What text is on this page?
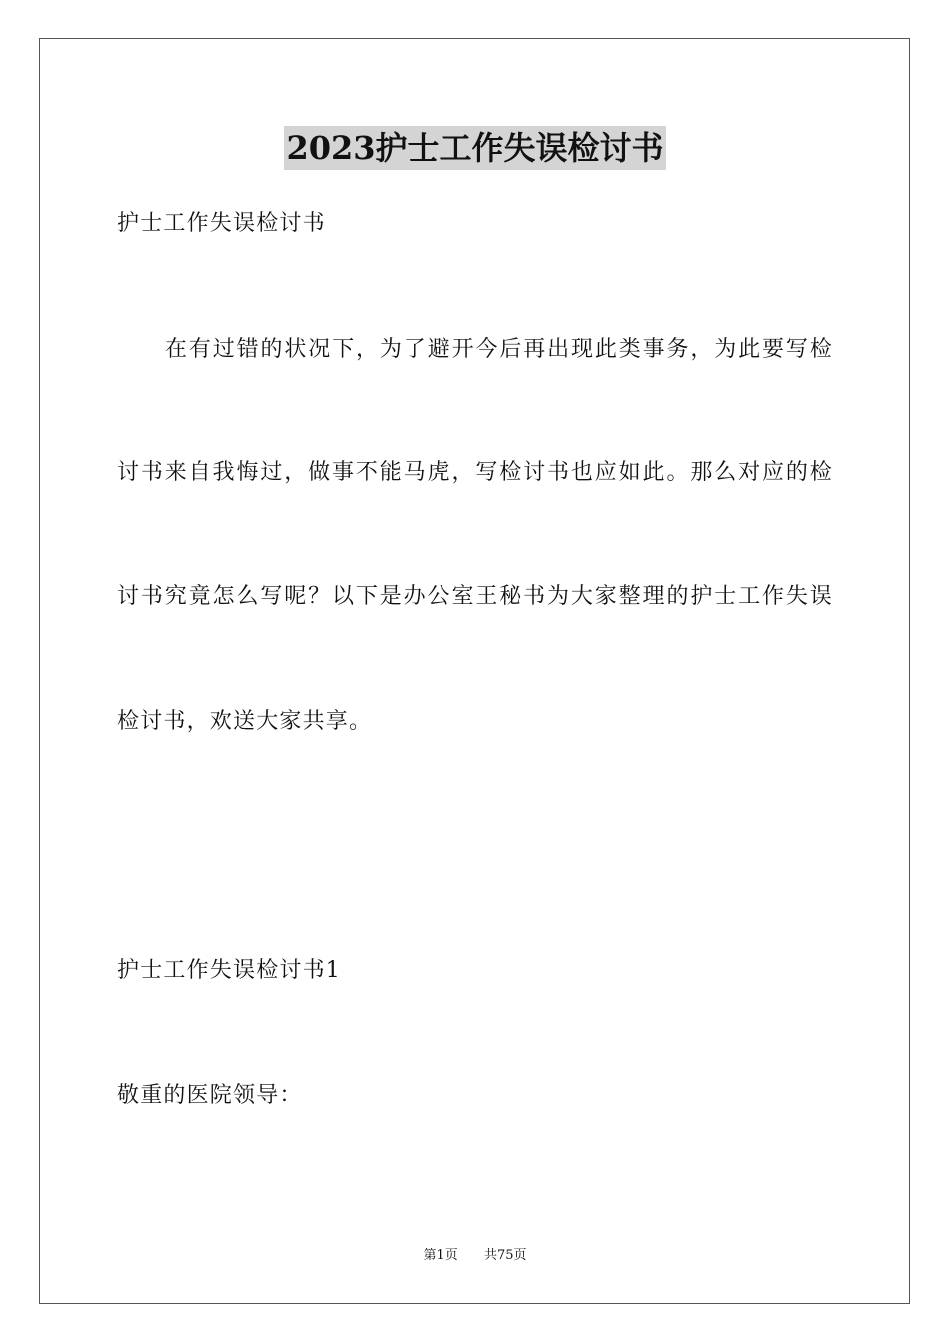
2023护士工作失误检讨书
护士工作失误检讨书
在有过错的状况下，为了避开今后再出现此类事务，为此要写检
讨书来自我悔过，做事不能马虎，写检讨书也应如此。那么对应的检
讨书究竟怎么写呢？以下是办公室王秘书为大家整理的护士工作失误
检讨书，欢送大家共享。
护士工作失误检讨书1
敬重的医院领导：
第1页 共75页
